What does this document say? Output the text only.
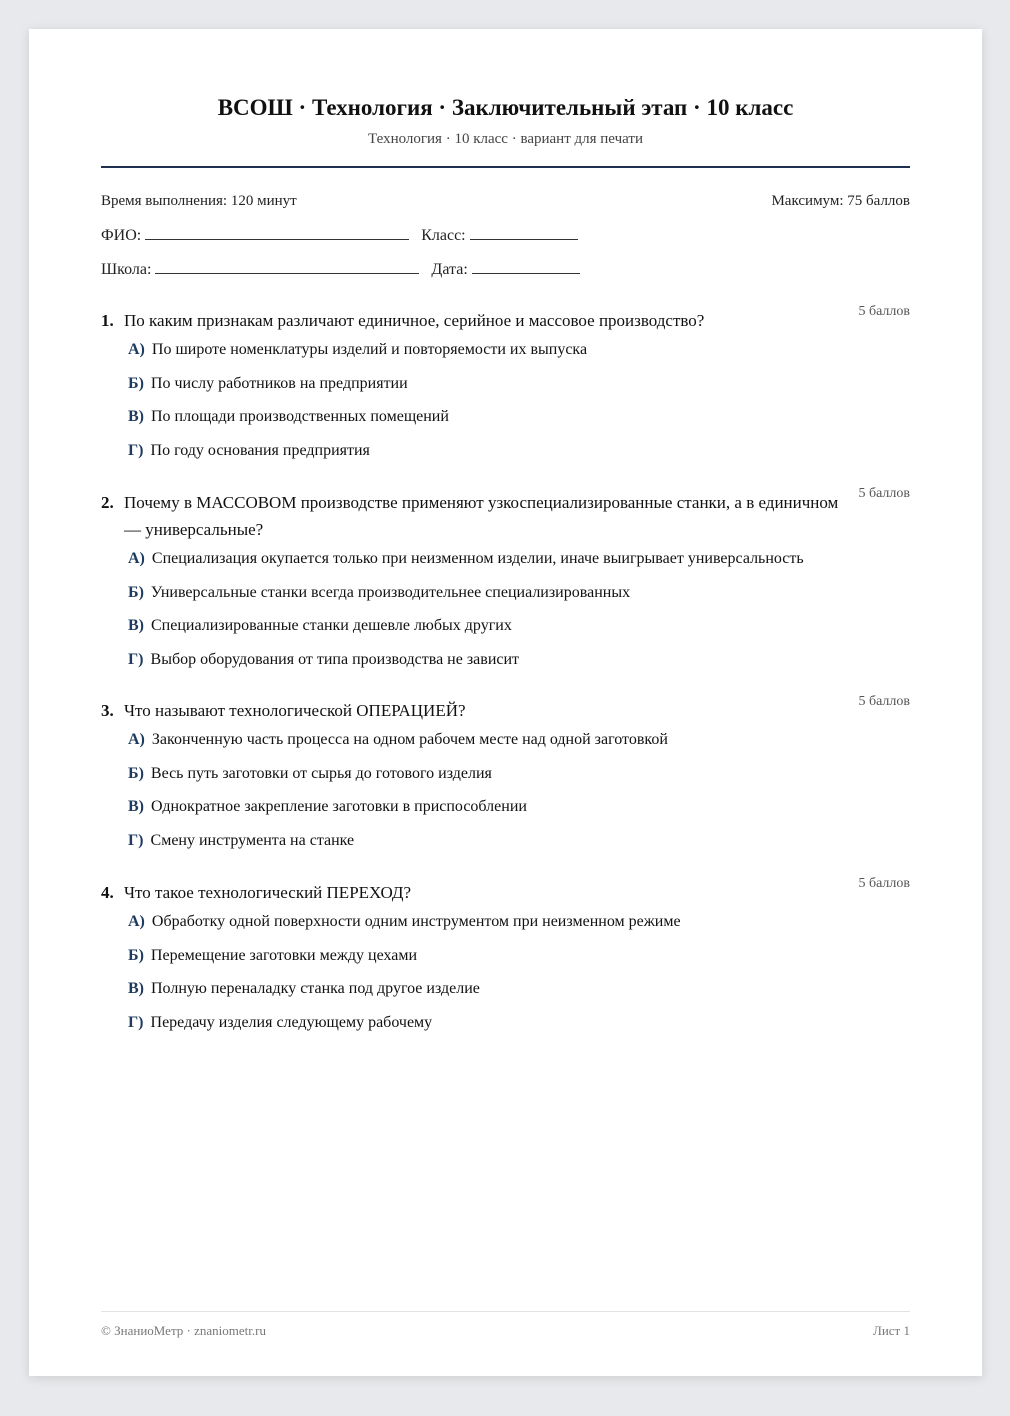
ВСОШ · Технология · Заключительный этап · 10 класс
Технология · 10 класс · вариант для печати
Время выполнения: 120 минут	Максимум: 75 баллов
ФИО:	Класс:
Школа:	Дата:
1. По каким признакам различают единичное, серийное и массовое производство?	5 баллов
А) По широте номенклатуры изделий и повторяемости их выпуска
Б) По числу работников на предприятии
В) По площади производственных помещений
Г) По году основания предприятия
2. Почему в МАССОВОМ производстве применяют узкоспециализированные станки, а в единичном — универсальные?
5 баллов
А) Специализация окупается только при неизменном изделии, иначе выигрывает универсальность
Б) Универсальные станки всегда производительнее специализированных
В) Специализированные станки дешевле любых других
Г) Выбор оборудования от типа производства не зависит
3. Что называют технологической ОПЕРАЦИЕЙ?	5 баллов
А) Законченную часть процесса на одном рабочем месте над одной заготовкой
Б) Весь путь заготовки от сырья до готового изделия
В) Однократное закрепление заготовки в приспособлении
Г) Смену инструмента на станке
4. Что такое технологический ПЕРЕХОД?	5 баллов
А) Обработку одной поверхности одним инструментом при неизменном режиме
Б) Перемещение заготовки между цехами
В) Полную переналадку станка под другое изделие
Г) Передачу изделия следующему рабочему
© ЗнаниоМетр · znaniometr.ru	Лист 1
